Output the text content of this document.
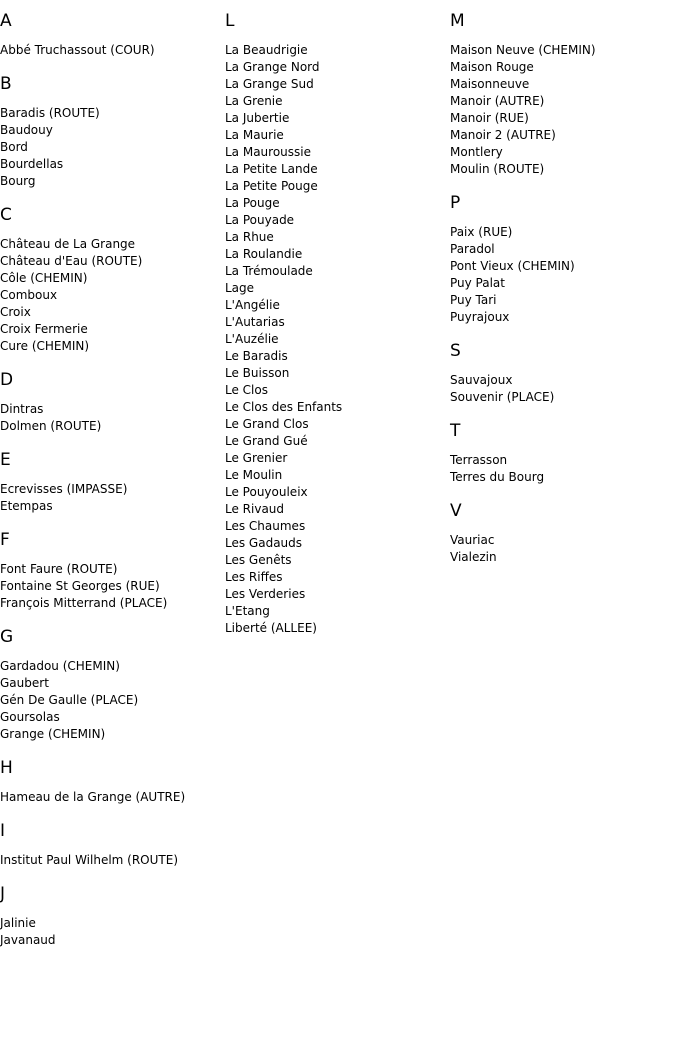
A
Abbé Truchassout (COUR)
B
Baradis (ROUTE)
Baudouy
Bord
Bourdellas
Bourg
C
Château de La Grange
Château d'Eau (ROUTE)
Côle (CHEMIN)
Comboux
Croix
Croix Fermerie
Cure (CHEMIN)
D
Dintras
Dolmen (ROUTE)
E
Ecrevisses (IMPASSE)
Etempas
F
Font Faure (ROUTE)
Fontaine St Georges (RUE)
François Mitterrand (PLACE)
G
Gardadou (CHEMIN)
Gaubert
Gén De Gaulle (PLACE)
Goursolas
Grange (CHEMIN)
H
Hameau de la Grange (AUTRE)
I
Institut Paul Wilhelm (ROUTE)
J
Jalinie
Javanaud
L
La Beaudrigie
La Grange Nord
La Grange Sud
La Grenie
La Jubertie
La Maurie
La Mauroussie
La Petite Lande
La Petite Pouge
La Pouge
La Pouyade
La Rhue
La Roulandie
La Trémoulade
Lage
L'Angélie
L'Autarias
L'Auzélie
Le Baradis
Le Buisson
Le Clos
Le Clos des Enfants
Le Grand Clos
Le Grand Gué
Le Grenier
Le Moulin
Le Pouyouleix
Le Rivaud
Les Chaumes
Les Gadauds
Les Genêts
Les Riffes
Les Verderies
L'Etang
Liberté (ALLEE)
M
Maison Neuve (CHEMIN)
Maison Rouge
Maisonneuve
Manoir (AUTRE)
Manoir (RUE)
Manoir 2 (AUTRE)
Montlery
Moulin (ROUTE)
P
Paix (RUE)
Paradol
Pont Vieux (CHEMIN)
Puy Palat
Puy Tari
Puyrajoux
S
Sauvajoux
Souvenir (PLACE)
T
Terrasson
Terres du Bourg
V
Vauriac
Vialezin
